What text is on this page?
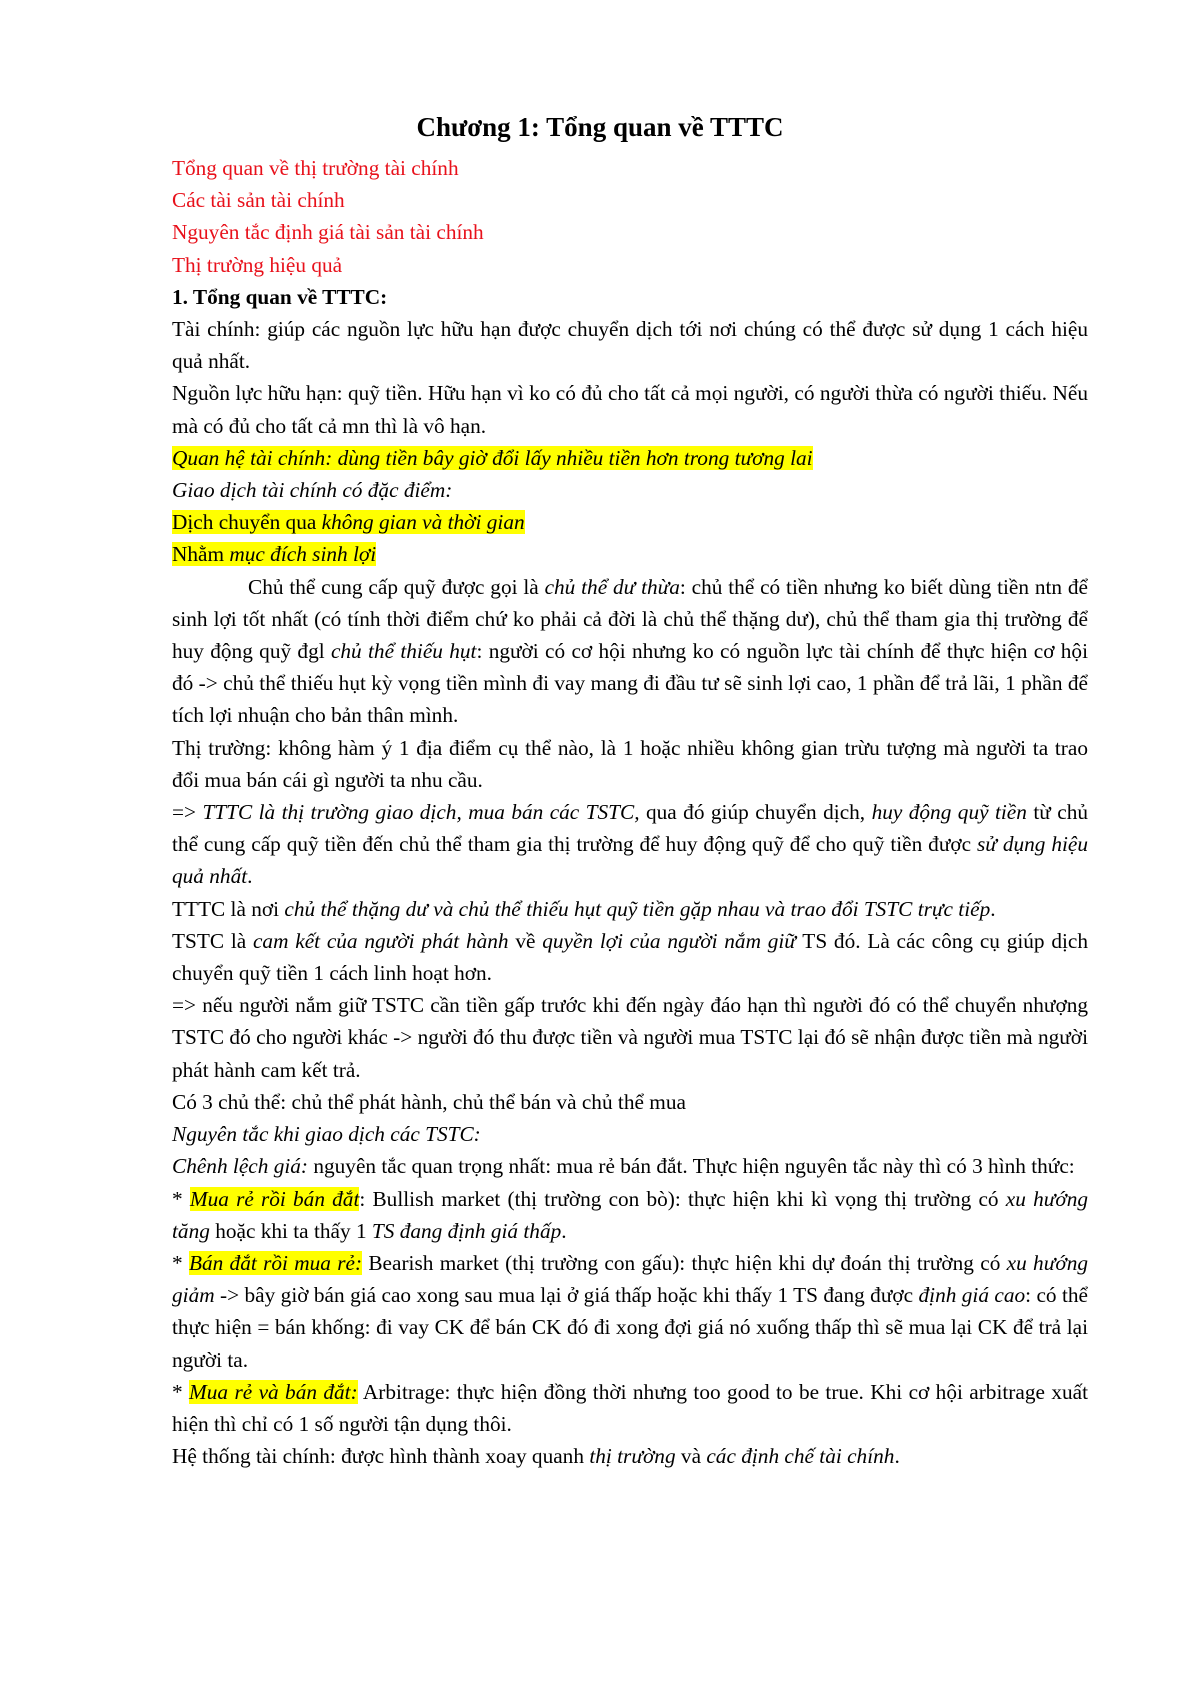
Chương 1: Tổng quan về TTTC

Tổng quan về thị trường tài chính

Các tài sản tài chính

Nguyên tắc định giá tài sản tài chính

Thị trường hiệu quả

1. Tổng quan về TTTC:

Tài chính: giúp các nguồn lực hữu hạn được chuyển dịch tới nơi chúng có thể được sử dụng 1 cách hiệu quả nhất.

Nguồn lực hữu hạn: quỹ tiền. Hữu hạn vì ko có đủ cho tất cả mọi người, có người thừa có người thiếu. Nếu mà có đủ cho tất cả mn thì là vô hạn.

Quan hệ tài chính: dùng tiền bây giờ đổi lấy nhiều tiền hơn trong tương lai

Giao dịch tài chính có đặc điểm:

Dịch chuyển qua không gian và thời gian

Nhằm mục đích sinh lợi

Chủ thể cung cấp quỹ được gọi là chủ thể dư thừa: chủ thể có tiền nhưng ko biết dùng tiền ntn để sinh lợi tốt nhất (có tính thời điểm chứ ko phải cả đời là chủ thể thặng dư), chủ thể tham gia thị trường để huy động quỹ đgl chủ thể thiếu hụt: người có cơ hội nhưng ko có nguồn lực tài chính để thực hiện cơ hội đó -> chủ thể thiếu hụt kỳ vọng tiền mình đi vay mang đi đầu tư sẽ sinh lợi cao, 1 phần để trả lãi, 1 phần để tích lợi nhuận cho bản thân mình.

Thị trường: không hàm ý 1 địa điểm cụ thể nào, là 1 hoặc nhiều không gian trừu tượng mà người ta trao đổi mua bán cái gì người ta nhu cầu.

=> TTTC là thị trường giao dịch, mua bán các TSTC, qua đó giúp chuyển dịch, huy động quỹ tiền từ chủ thể cung cấp quỹ tiền đến chủ thể tham gia thị trường để huy động quỹ để cho quỹ tiền được sử dụng hiệu quả nhất.

TTTC là nơi chủ thể thặng dư và chủ thể thiếu hụt quỹ tiền gặp nhau và trao đổi TSTC trực tiếp.

TSTC là cam kết của người phát hành về quyền lợi của người nắm giữ TS đó. Là các công cụ giúp dịch chuyển quỹ tiền 1 cách linh hoạt hơn.

=> nếu người nắm giữ TSTC cần tiền gấp trước khi đến ngày đáo hạn thì người đó có thể chuyển nhượng TSTC đó cho người khác -> người đó thu được tiền và người mua TSTC lại đó sẽ nhận được tiền mà người phát hành cam kết trả.

Có 3 chủ thể: chủ thể phát hành, chủ thể bán và chủ thể mua

Nguyên tắc khi giao dịch các TSTC:

Chênh lệch giá: nguyên tắc quan trọng nhất: mua rẻ bán đắt. Thực hiện nguyên tắc này thì có 3 hình thức:

* Mua rẻ rồi bán đắt: Bullish market (thị trường con bò): thực hiện khi kì vọng thị trường có xu hướng tăng hoặc khi ta thấy 1 TS đang định giá thấp.

* Bán đắt rồi mua rẻ: Bearish market (thị trường con gấu): thực hiện khi dự đoán thị trường có xu hướng giảm -> bây giờ bán giá cao xong sau mua lại ở giá thấp hoặc khi thấy 1 TS đang được định giá cao: có thể thực hiện = bán khống: đi vay CK để bán CK đó đi xong đợi giá nó xuống thấp thì sẽ mua lại CK để trả lại người ta.

* Mua rẻ và bán đắt: Arbitrage: thực hiện đồng thời nhưng too good to be true. Khi cơ hội arbitrage xuất hiện thì chỉ có 1 số người tận dụng thôi.

Hệ thống tài chính: được hình thành xoay quanh thị trường và các định chế tài chính.
